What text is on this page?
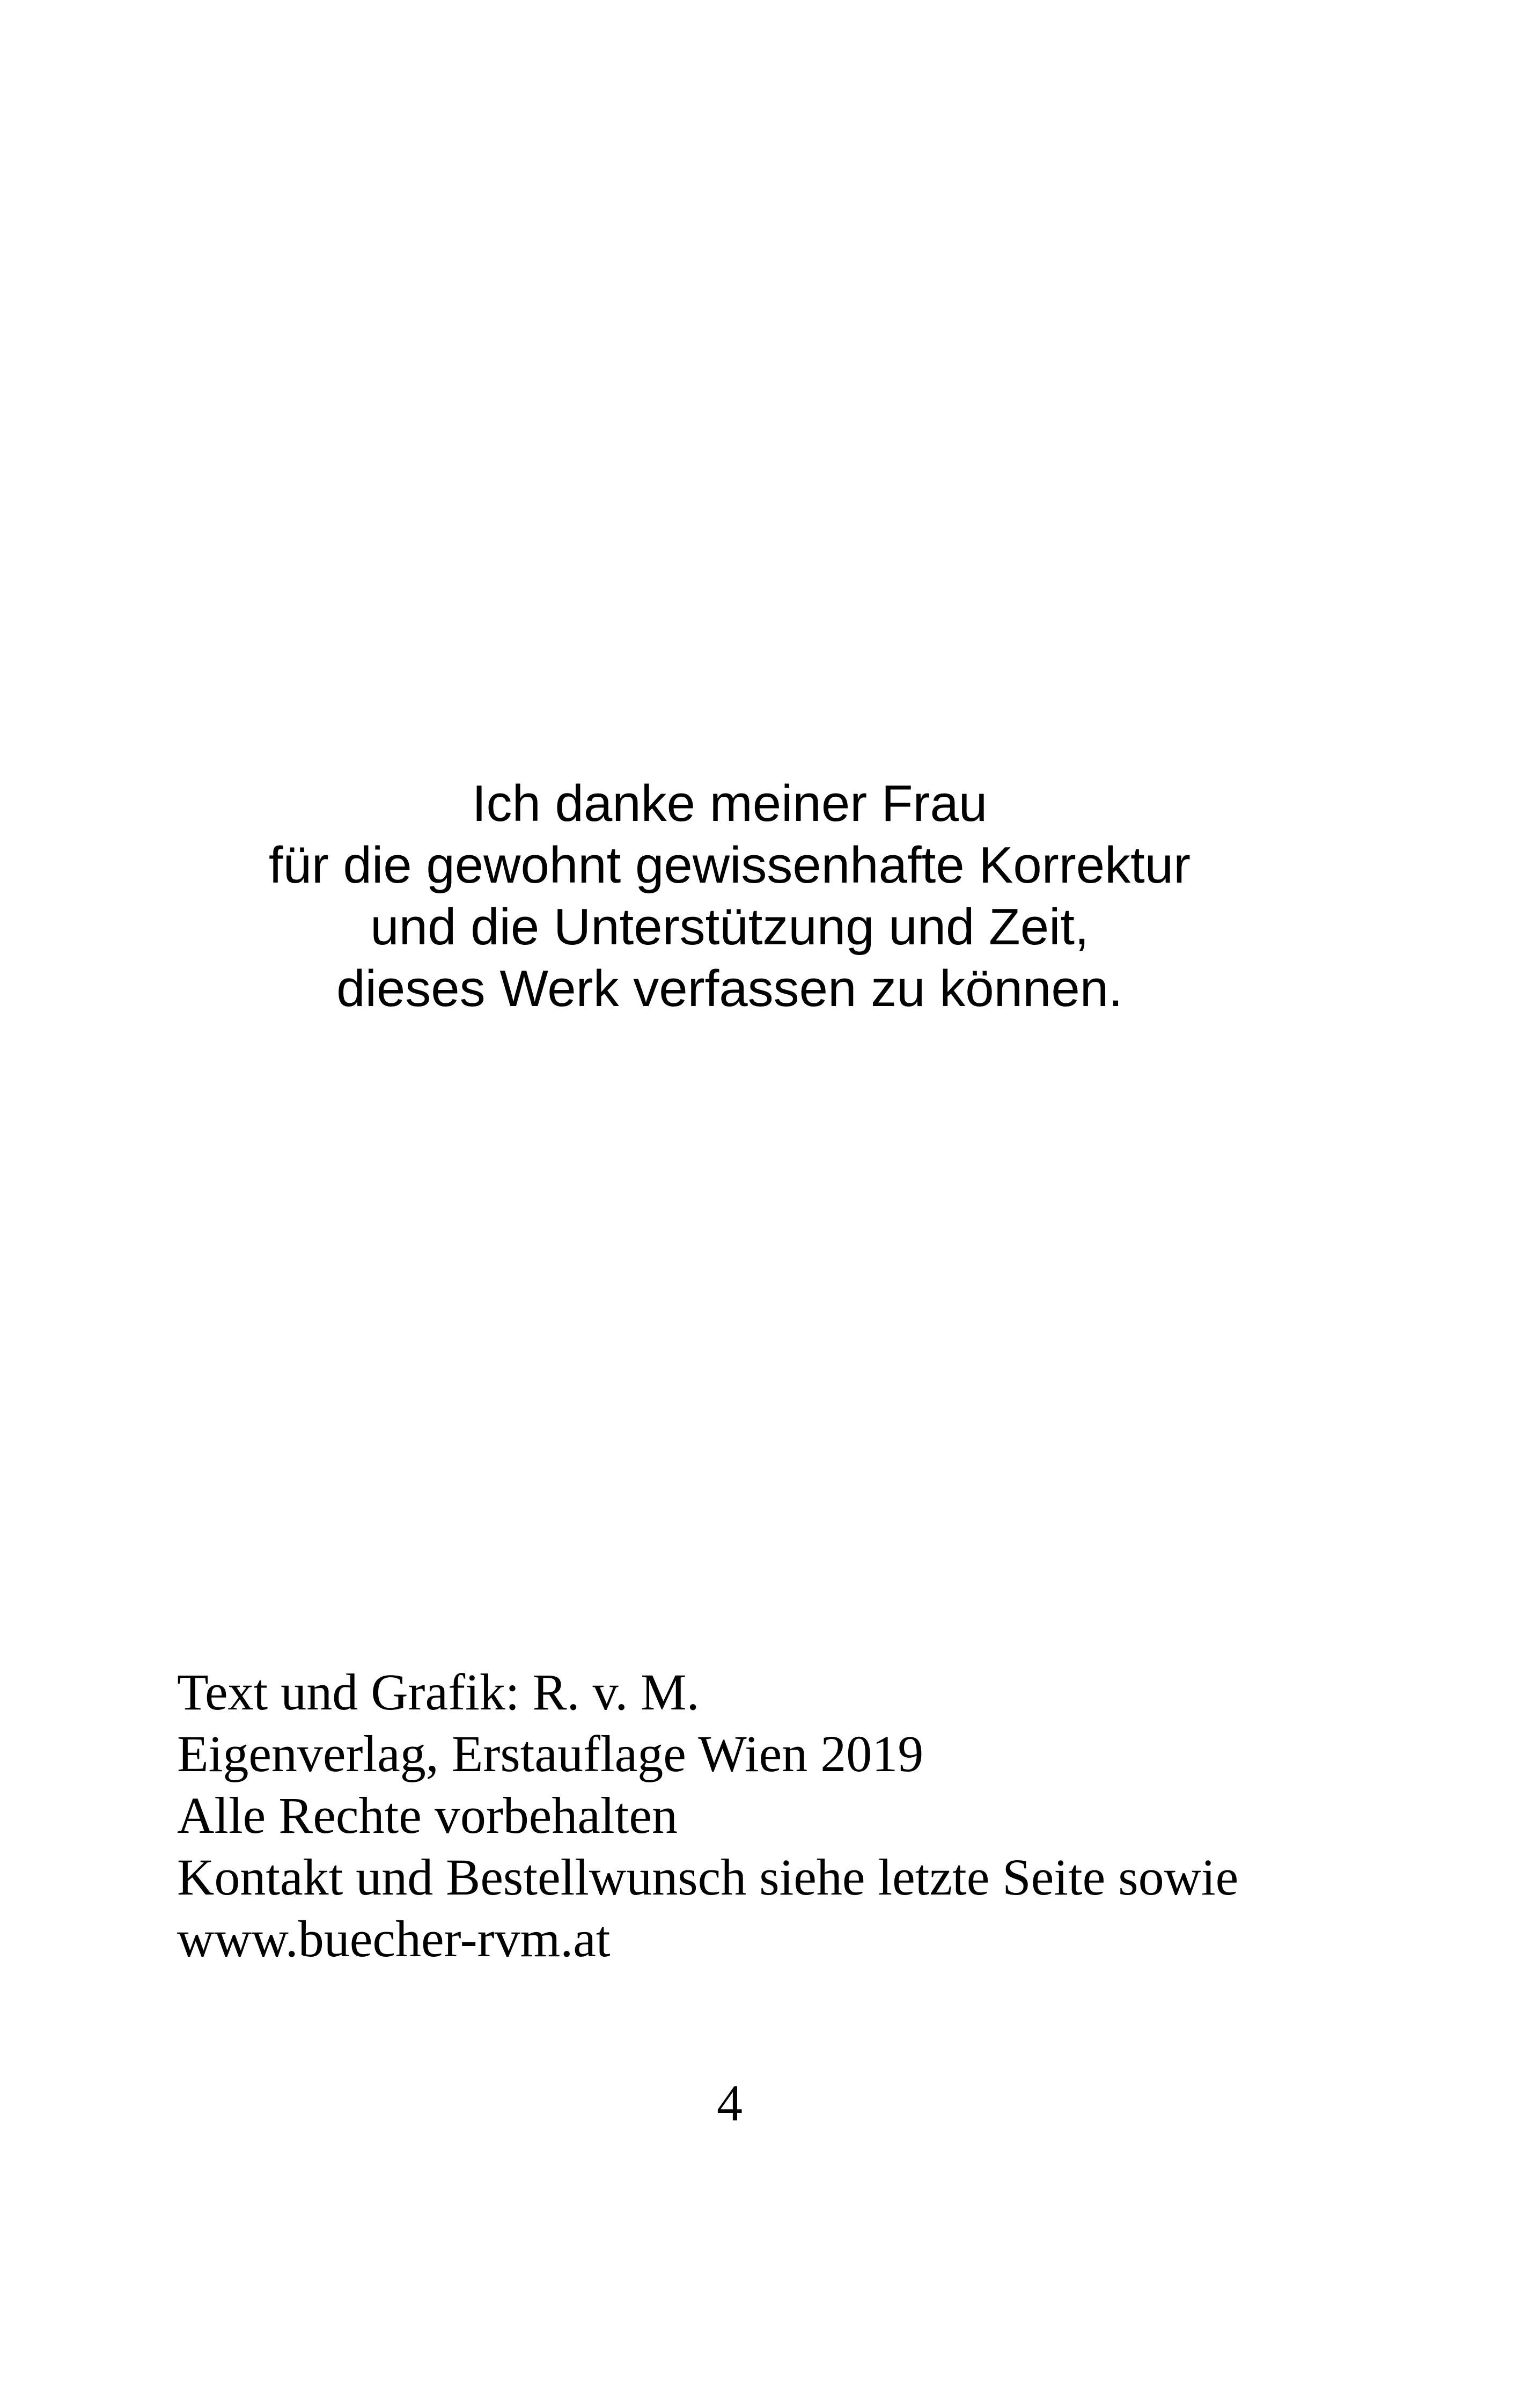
Ich danke meiner Frau
für die gewohnt gewissenhafte Korrektur
und die Unterstützung und Zeit,
dieses Werk verfassen zu können.
Text und Grafik: R. v. M.
Eigenverlag, Erstauflage Wien 2019
Alle Rechte vorbehalten
Kontakt und Bestellwunsch siehe letzte Seite sowie
www.buecher-rvm.at
4
